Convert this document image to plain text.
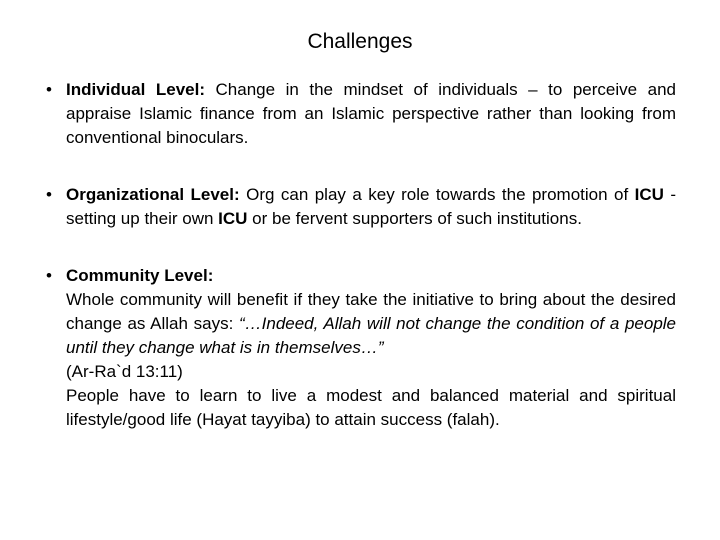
Challenges
• Individual Level: Change in the mindset of individuals – to perceive and appraise Islamic finance from an Islamic perspective rather than looking from conventional binoculars.
• Organizational Level: Org can play a key role towards the promotion of ICU - setting up their own ICU or be fervent supporters of such institutions.
• Community Level:

Whole community will benefit if they take the initiative to bring about the desired change as Allah says: “…Indeed, Allah will not change the condition of a people until they change what is in themselves…”

(Ar-Ra`d 13:11)

People have to learn to live a modest and balanced material and spiritual lifestyle/good life (Hayat tayyiba) to attain success (falah).
